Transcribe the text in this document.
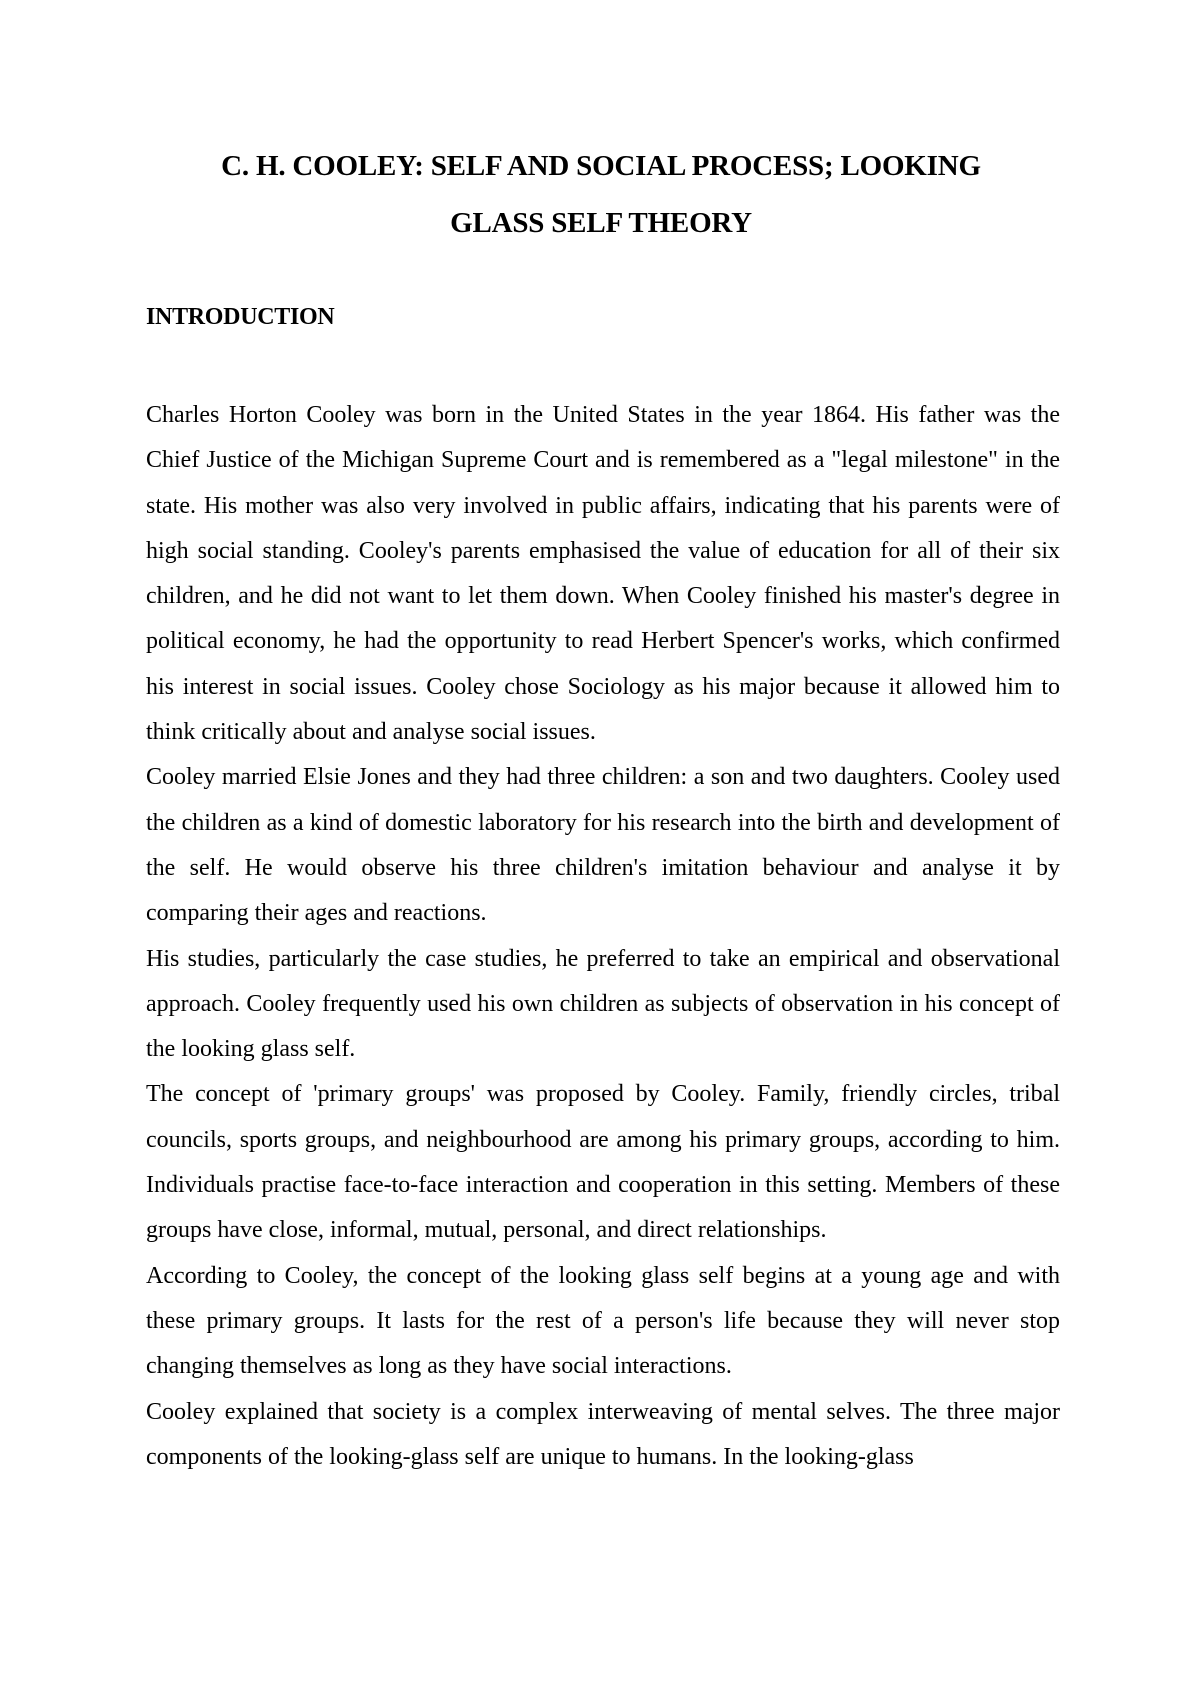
C. H. COOLEY: SELF AND SOCIAL PROCESS; LOOKING
GLASS SELF THEORY
INTRODUCTION

Charles Horton Cooley was born in the United States in the year 1864. His father was the Chief Justice of the Michigan Supreme Court and is remembered as a "legal milestone" in the state. His mother was also very involved in public affairs, indicating that his parents were of high social standing. Cooley's parents emphasised the value of education for all of their six children, and he did not want to let them down. When Cooley finished his master's degree in political economy, he had the opportunity to read Herbert Spencer's works, which confirmed his interest in social issues. Cooley chose Sociology as his major because it allowed him to think critically about and analyse social issues.

Cooley married Elsie Jones and they had three children: a son and two daughters. Cooley used the children as a kind of domestic laboratory for his research into the birth and development of the self. He would observe his three children's imitation behaviour and analyse it by comparing their ages and reactions.

His studies, particularly the case studies, he preferred to take an empirical and observational approach. Cooley frequently used his own children as subjects of observation in his concept of the looking glass self.

The concept of 'primary groups' was proposed by Cooley. Family, friendly circles, tribal councils, sports groups, and neighbourhood are among his primary groups, according to him. Individuals practise face-to-face interaction and cooperation in this setting. Members of these groups have close, informal, mutual, personal, and direct relationships.

According to Cooley, the concept of the looking glass self begins at a young age and with these primary groups. It lasts for the rest of a person's life because they will never stop changing themselves as long as they have social interactions.

Cooley explained that society is a complex interweaving of mental selves. The three major components of the looking-glass self are unique to humans. In the looking-glass
